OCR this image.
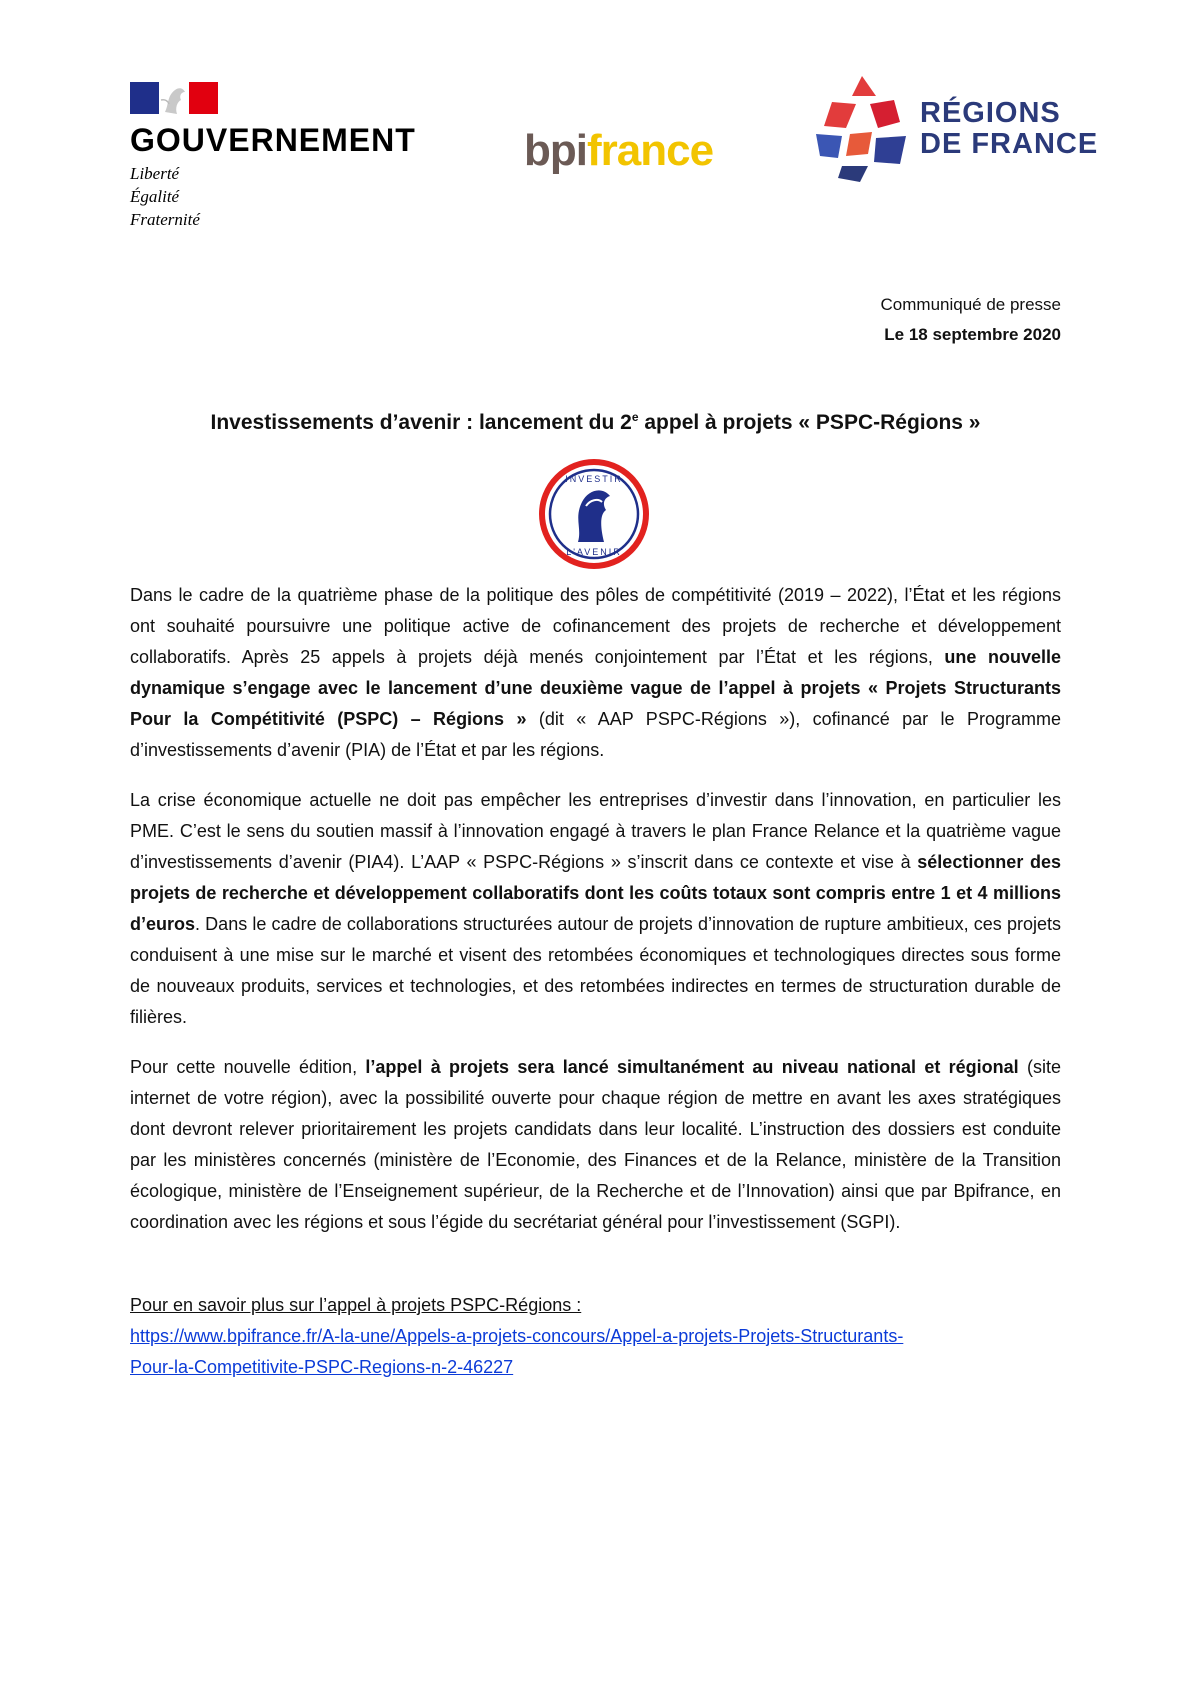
GOUVERNEMENT
Liberté
Égalité
Fraternité
bpifrance
RÉGIONS
DE FRANCE
Communiqué de presse
Le 18 septembre 2020
Investissements d’avenir : lancement du 2e appel à projets « PSPC-Régions »
INVESTIR
L'AVENIR
Dans le cadre de la quatrième phase de la politique des pôles de compétitivité (2019 – 2022), l’État et les régions ont souhaité poursuivre une politique active de cofinancement des projets de recherche et développement collaboratifs. Après 25 appels à projets déjà menés conjointement par l’État et les régions, une nouvelle dynamique s’engage avec le lancement d’une deuxième vague de l’appel à projets « Projets Structurants Pour la Compétitivité (PSPC) – Régions » (dit « AAP PSPC-Régions »), cofinancé par le Programme d’investissements d’avenir (PIA) de l’État et par les régions.
La crise économique actuelle ne doit pas empêcher les entreprises d’investir dans l’innovation, en particulier les PME. C’est le sens du soutien massif à l’innovation engagé à travers le plan France Relance et la quatrième vague d’investissements d’avenir (PIA4). L’AAP « PSPC-Régions » s’inscrit dans ce contexte et vise à sélectionner des projets de recherche et développement collaboratifs dont les coûts totaux sont compris entre 1 et 4 millions d’euros. Dans le cadre de collaborations structurées autour de projets d’innovation de rupture ambitieux, ces projets conduisent à une mise sur le marché et visent des retombées économiques et technologiques directes sous forme de nouveaux produits, services et technologies, et des retombées indirectes en termes de structuration durable de filières.
Pour cette nouvelle édition, l’appel à projets sera lancé simultanément au niveau national et régional (site internet de votre région), avec la possibilité ouverte pour chaque région de mettre en avant les axes stratégiques dont devront relever prioritairement les projets candidats dans leur localité. L’instruction des dossiers est conduite par les ministères concernés (ministère de l’Economie, des Finances et de la Relance, ministère de la Transition écologique, ministère de l’Enseignement supérieur, de la Recherche et de l’Innovation) ainsi que par Bpifrance, en coordination avec les régions et sous l’égide du secrétariat général pour l’investissement (SGPI).
Pour en savoir plus sur l’appel à projets PSPC-Régions :
https://www.bpifrance.fr/A-la-une/Appels-a-projets-concours/Appel-a-projets-Projets-Structurants-
Pour-la-Competitivite-PSPC-Regions-n-2-46227
